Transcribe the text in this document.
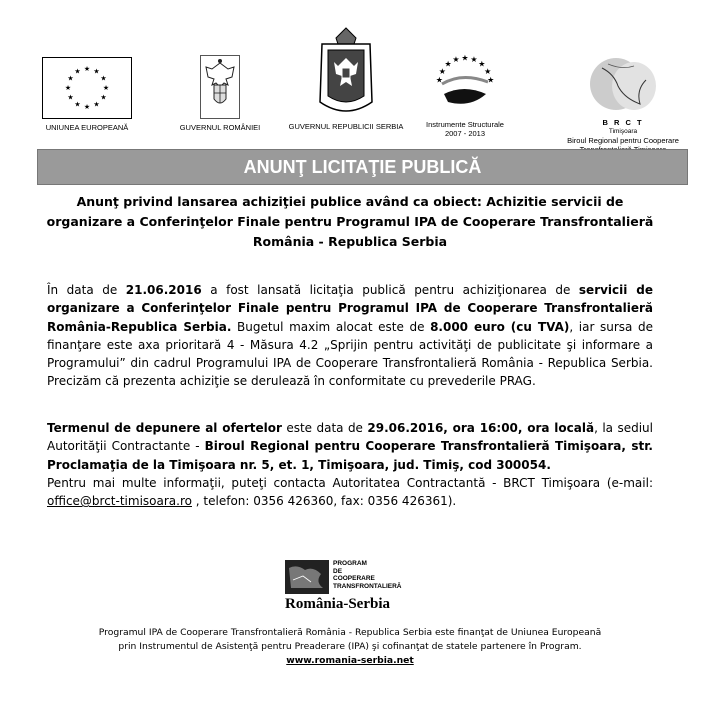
★
★
★
★
★
★
★
★
★ ★ ★
★
UNIUNEA EUROPEANĂ	GUVERNUL ROMÂNIEI	GUVERNUL REPUBLICII SERBIA
★
★
★
★ ★ ★
★
★
★
Instrumente Structurale
2007 - 2013
B R C T
Timişoara
Biroul Regional pentru Cooperare
ANUNŢ LICITAŢIE PUBLICĂ
Anunţ privind lansarea achiziţiei publice având ca obiect: Achizitie servicii de organizare a Conferinţelor Finale pentru Programul IPA de Cooperare Transfrontalieră România - Republica Serbia
În data de 21.06.2016 a fost lansată licitaţia publică pentru achiziţionarea de servicii de organizare a Conferinţelor Finale pentru Programul IPA de Cooperare Transfrontalieră România-Republica Serbia. Bugetul maxim alocat este de 8.000 euro (cu TVA), iar sursa de finanţare este axa prioritară 4 - Măsura 4.2 „Sprijin pentru activităţi de publicitate şi informare a Programului” din cadrul Programului IPA de Cooperare Transfrontalieră România - Republica Serbia. Precizăm că prezenta achiziţie se derulează în conformitate cu prevederile PRAG.
Termenul de depunere al ofertelor este data de 29.06.2016, ora 16:00, ora locală, la sediul Autorităţii Contractante - Biroul Regional pentru Cooperare Transfrontalieră Timişoara, str. Proclamaţia de la Timişoara nr. 5, et. 1, Timişoara, jud. Timiş, cod 300054.
Pentru mai multe informaţii, puteţi contacta Autoritatea Contractantă - BRCT Timişoara (e-mail: office@brct-timisoara.ro , telefon: 0356 426360, fax: 0356 426361).
PROGRAM
DE
COOPERARE
TRANSFRONTALIERĂ
România-Serbia
Programul IPA de Cooperare Transfrontalieră România - Republica Serbia este finanţat de Uniunea Europeană
prin Instrumentul de Asistenţă pentru Preaderare (IPA) şi cofinanţat de statele partenere în Program.
www.romania-serbia.net
